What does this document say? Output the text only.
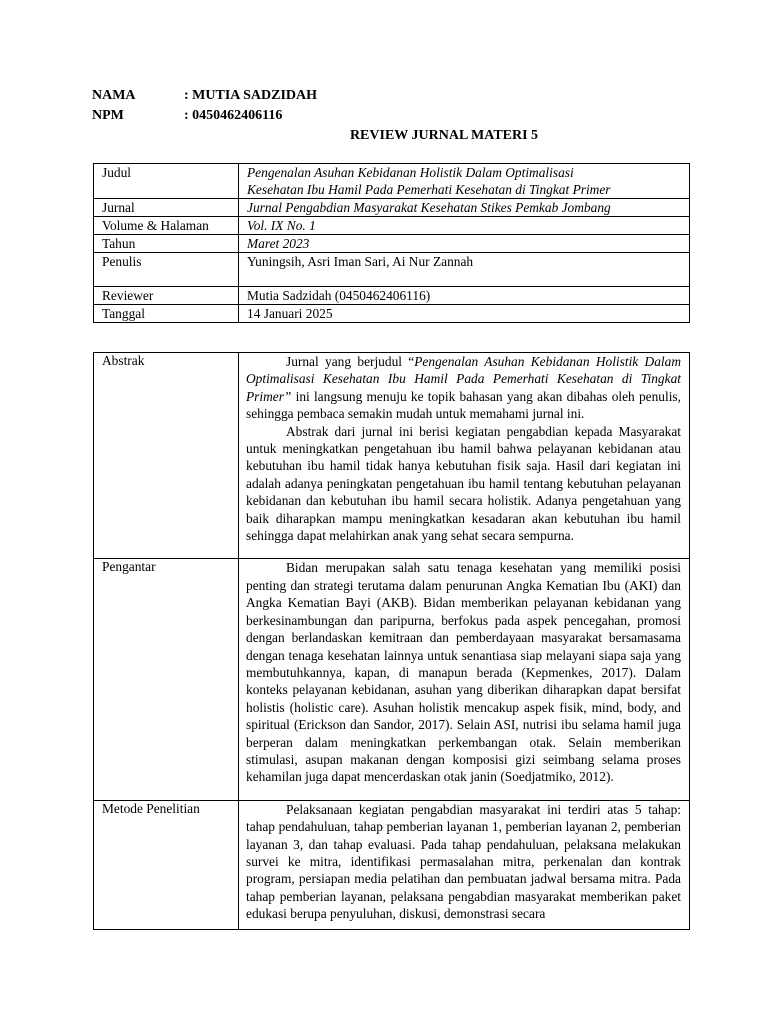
NAMA	: MUTIA SADZIDAH
NPM	: 0450462406116
REVIEW JURNAL MATERI 5
Judul	Pengenalan Asuhan Kebidanan Holistik Dalam Optimalisasi
Kesehatan Ibu Hamil Pada Pemerhati Kesehatan di Tingkat Primer
Jurnal	Jurnal Pengabdian Masyarakat Kesehatan Stikes Pemkab Jombang
Volume & Halaman	Vol. IX No. 1
Tahun	Maret 2023
Penulis	Yuningsih, Asri Iman Sari, Ai Nur Zannah
Reviewer	Mutia Sadzidah (0450462406116)
Tanggal	14 Januari 2025
Abstrak	Jurnal yang berjudul “Pengenalan Asuhan Kebidanan Holistik Dalam Optimalisasi Kesehatan Ibu Hamil Pada Pemerhati Kesehatan di Tingkat Primer” ini langsung menuju ke topik bahasan yang akan dibahas oleh penulis, sehingga pembaca semakin mudah untuk memahami jurnal ini.

Abstrak dari jurnal ini berisi kegiatan pengabdian kepada Masyarakat untuk meningkatkan pengetahuan ibu hamil bahwa pelayanan kebidanan atau kebutuhan ibu hamil tidak hanya kebutuhan fisik saja. Hasil dari kegiatan ini adalah adanya peningkatan pengetahuan ibu hamil tentang kebutuhan pelayanan kebidanan dan kebutuhan ibu hamil secara holistik. Adanya pengetahuan yang baik diharapkan mampu meningkatkan kesadaran akan kebutuhan ibu hamil sehingga dapat melahirkan anak yang sehat secara sempurna.

Pengantar	Bidan merupakan salah satu tenaga kesehatan yang memiliki posisi penting dan strategi terutama dalam penurunan Angka Kematian Ibu (AKI) dan Angka Kematian Bayi (AKB). Bidan memberikan pelayanan kebidanan yang berkesinambungan dan paripurna, berfokus pada aspek pencegahan, promosi dengan berlandaskan kemitraan dan pemberdayaan masyarakat bersamasama dengan tenaga kesehatan lainnya untuk senantiasa siap melayani siapa saja yang membutuhkannya, kapan, di manapun berada (Kepmenkes, 2017). Dalam konteks pelayanan kebidanan, asuhan yang diberikan diharapkan dapat bersifat holistis (holistic care). Asuhan holistik mencakup aspek fisik, mind, body, and spiritual (Erickson dan Sandor, 2017). Selain ASI, nutrisi ibu selama hamil juga berperan dalam meningkatkan perkembangan otak. Selain memberikan stimulasi, asupan makanan dengan komposisi gizi seimbang selama proses kehamilan juga dapat mencerdaskan otak janin (Soedjatmiko, 2012).

Metode Penelitian	Pelaksanaan kegiatan pengabdian masyarakat ini terdiri atas 5 tahap: tahap pendahuluan, tahap pemberian layanan 1, pemberian layanan 2, pemberian layanan 3, dan tahap evaluasi. Pada tahap pendahuluan, pelaksana melakukan survei ke mitra, identifikasi permasalahan mitra, perkenalan dan kontrak program, persiapan media pelatihan dan pembuatan jadwal bersama mitra. Pada tahap pemberian layanan, pelaksana pengabdian masyarakat memberikan paket edukasi berupa penyuluhan, diskusi, demonstrasi secara
